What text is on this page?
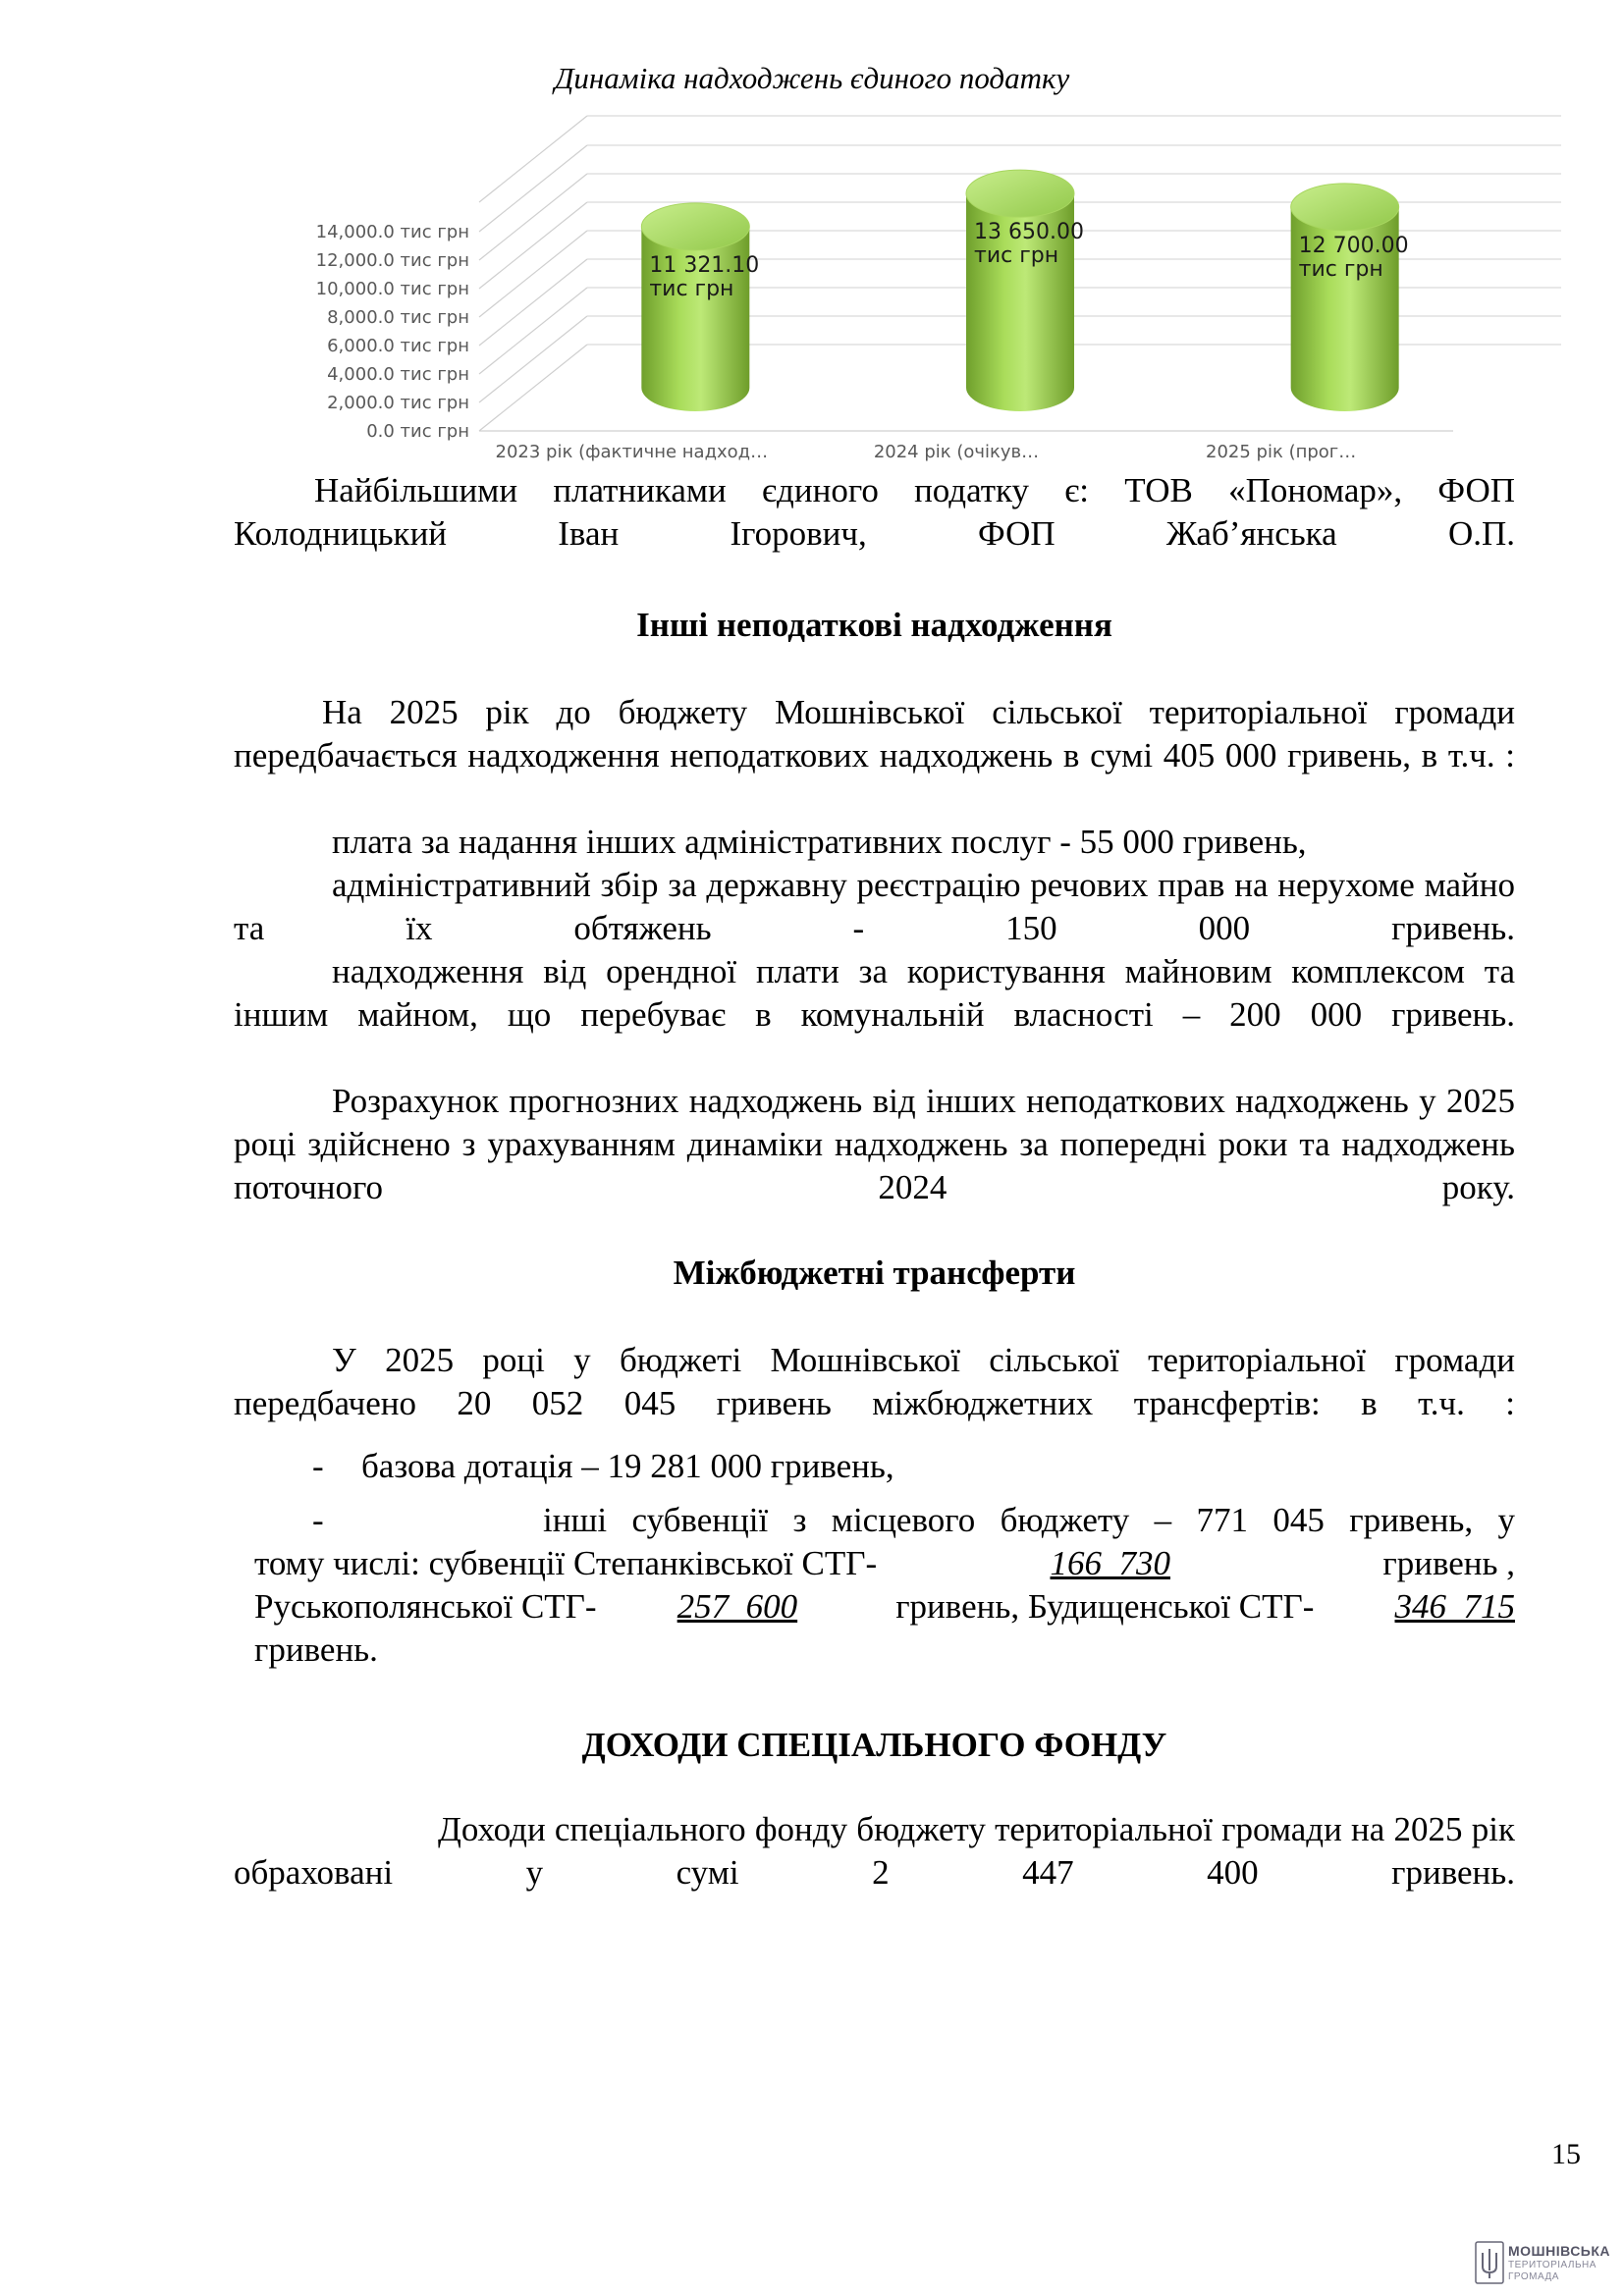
Динаміка надходжень єдиного податку
0.0 тис грн
2,000.0 тис грн
4,000.0 тис грн
6,000.0 тис грн
8,000.0 тис грн
10,000.0 тис грн
12,000.0 тис грн
14,000.0 тис грн
11 321.10
тис грн
2023 рік (фактичне надход…
13 650.00
тис грн
2024 рік (очікув…
12 700.00
тис грн
2025 рік (прог…

Найбільшими платниками єдиного податку є: ТОВ «Пономар», ФОП Колодницький Іван Ігорович, ФОП Жаб’янська О.П.

Інші неподаткові надходження

На 2025 рік до бюджету Мошнівської сільської територіальної громади передбачається надходження неподаткових надходжень в сумі 405 000 гривень, в т.ч. :

плата за надання інших адміністративних послуг - 55 000 гривень,

адміністративний збір за державну реєстрацію речових прав на нерухоме майно та їх обтяжень - 150 000 гривень.

надходження від орендної плати за користування майновим комплексом та іншим майном, що перебуває в комунальній власності – 200 000 гривень.

Розрахунок прогнозних надходжень від інших неподаткових надходжень у 2025 році здійснено з урахуванням динаміки надходжень за попередні роки та надходжень поточного 2024 року.

Міжбюджетні трансферти

У 2025 році у бюджеті Мошнівської сільської територіальної громади передбачено 20 052 045 гривень міжбюджетних трансфертів: в т.ч. :

- базова дотація – 19 281 000 гривень,
-	інші субвенції з місцевого бюджету – 771 045 гривень, у
тому числі: субвенції Степанківської СТГ-	166  730	гривень ,
Руськополянської СТГ- 257  600	гривень, Будищенської СТГ- 346  715
гривень.
ДОХОДИ СПЕЦІАЛЬНОГО ФОНДУ

Доходи спеціального фонду бюджету територіальної громади на 2025 рік обраховані у сумі 2 447 400 гривень.

15
МОШНІВСЬКА
ТЕРИТОРІАЛЬНА
ГРОМАДА
